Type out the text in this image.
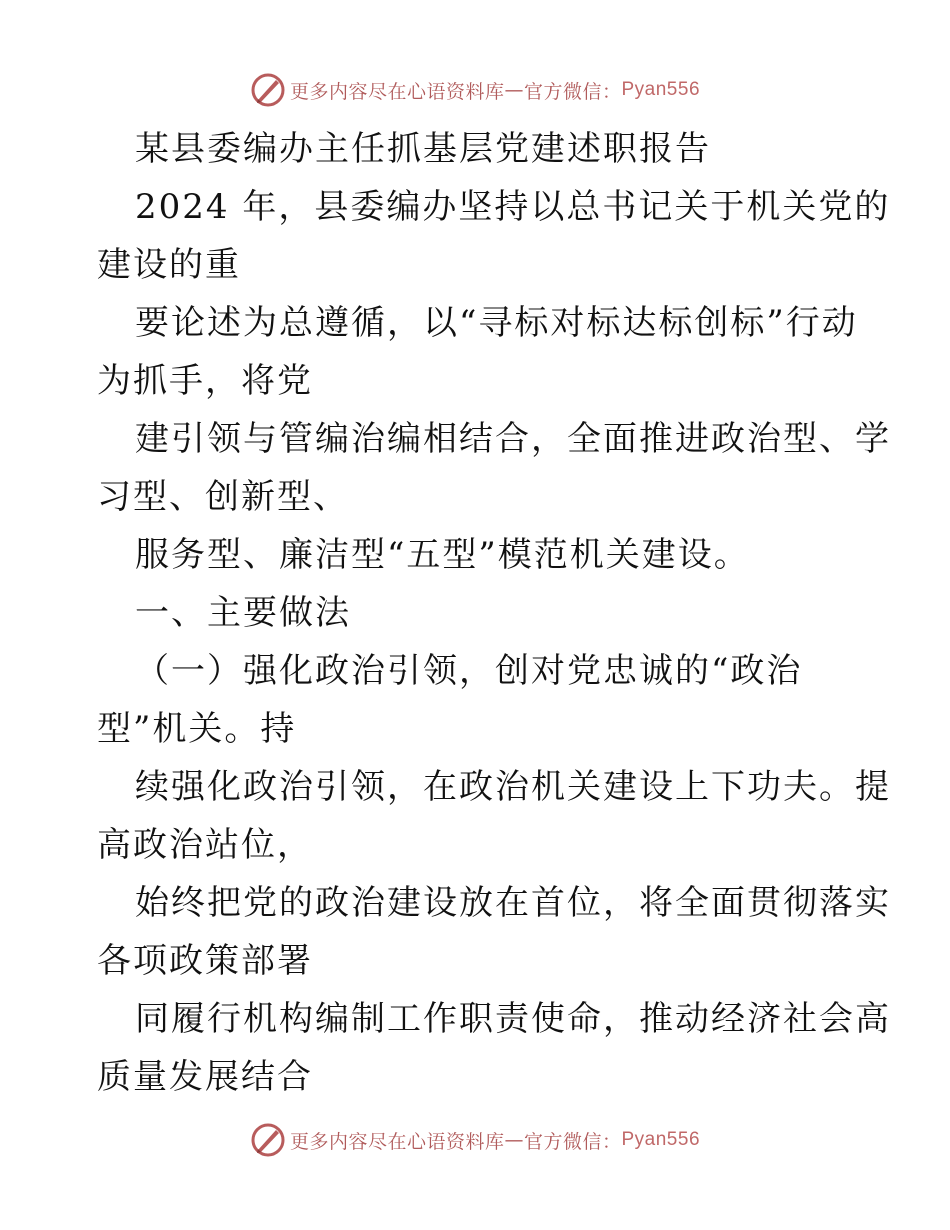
更多内容尽在心语资料库 — 官方微信： Pyan556
某县委编办主任抓基层党建述职报告
2024 年，县委编办坚持以总书记关于机关党的
建设的重
要论述为总遵循，以“寻标对标达标创标”行动
为抓手，将党
建引领与管编治编相结合，全面推进政治型、学
习型、创新型、
服务型、廉洁型“五型”模范机关建设。
一、主要做法
（一）强化政治引领，创对党忠诚的“政治
型”机关。持
续强化政治引领，在政治机关建设上下功夫。提
高政治站位，
始终把党的政治建设放在首位，将全面贯彻落实
各项政策部署
同履行机构编制工作职责使命，推动经济社会高
质量发展结合
更多内容尽在心语资料库 — 官方微信： Pyan556
